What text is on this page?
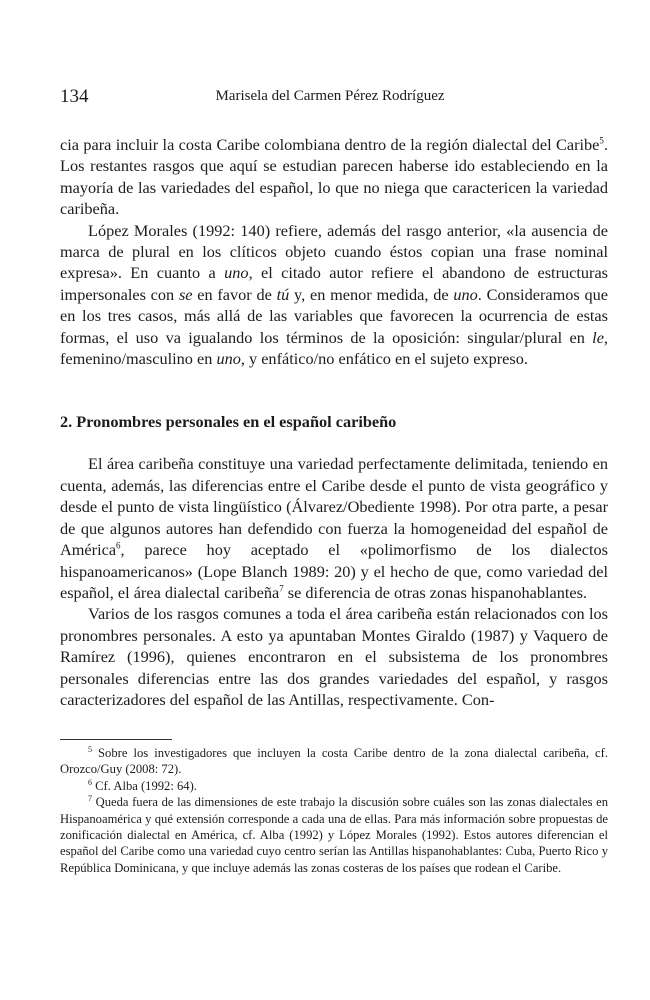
134	Marisela del Carmen Pérez Rodríguez

cia para incluir la costa Caribe colombiana dentro de la región dialectal del Caribe$^5$. Los restantes rasgos que aquí se estudian parecen haberse ido estableciendo en la mayoría de las variedades del español, lo que no niega que caractericen la variedad caribeña.

López Morales (1992: 140) refiere, además del rasgo anterior, «la ausencia de marca de plural en los clíticos objeto cuando éstos copian una frase nominal expresa». En cuanto a uno, el citado autor refiere el abandono de estructuras impersonales con se en favor de tú y, en menor medida, de uno. Consideramos que en los tres casos, más allá de las variables que favorecen la ocurrencia de estas formas, el uso va igualando los términos de la oposición: singular/plural en le, femenino/masculino en uno, y enfático/no enfático en el sujeto expreso.

2. Pronombres personales en el español caribeño

El área caribeña constituye una variedad perfectamente delimitada, teniendo en cuenta, además, las diferencias entre el Caribe desde el punto de vista geográfico y desde el punto de vista lingüístico (Álvarez/Obediente 1998). Por otra parte, a pesar de que algunos autores han defendido con fuerza la homogeneidad del español de América$^6$, parece hoy aceptado el «polimorfismo de los dialectos hispanoamericanos» (Lope Blanch 1989: 20) y el hecho de que, como variedad del español, el área dialectal caribeña$^7$ se diferencia de otras zonas hispanohablantes.

Varios de los rasgos comunes a toda el área caribeña están relacionados con los pronombres personales. A esto ya apuntaban Montes Giraldo (1987) y Vaquero de Ramírez (1996), quienes encontraron en el subsistema de los pronombres personales diferencias entre las dos grandes variedades del español, y rasgos caracterizadores del español de las Antillas, respectivamente. Con-

$^5$ Sobre los investigadores que incluyen la costa Caribe dentro de la zona dialectal caribeña, cf. Orozco/Guy (2008: 72).

$^6$ Cf. Alba (1992: 64).

$^7$ Queda fuera de las dimensiones de este trabajo la discusión sobre cuáles son las zonas dialectales en Hispanoamérica y qué extensión corresponde a cada una de ellas. Para más información sobre propuestas de zonificación dialectal en América, cf. Alba (1992) y López Morales (1992). Estos autores diferencian el español del Caribe como una variedad cuyo centro serían las Antillas hispanohablantes: Cuba, Puerto Rico y República Dominicana, y que incluye además las zonas costeras de los países que rodean el Caribe.
